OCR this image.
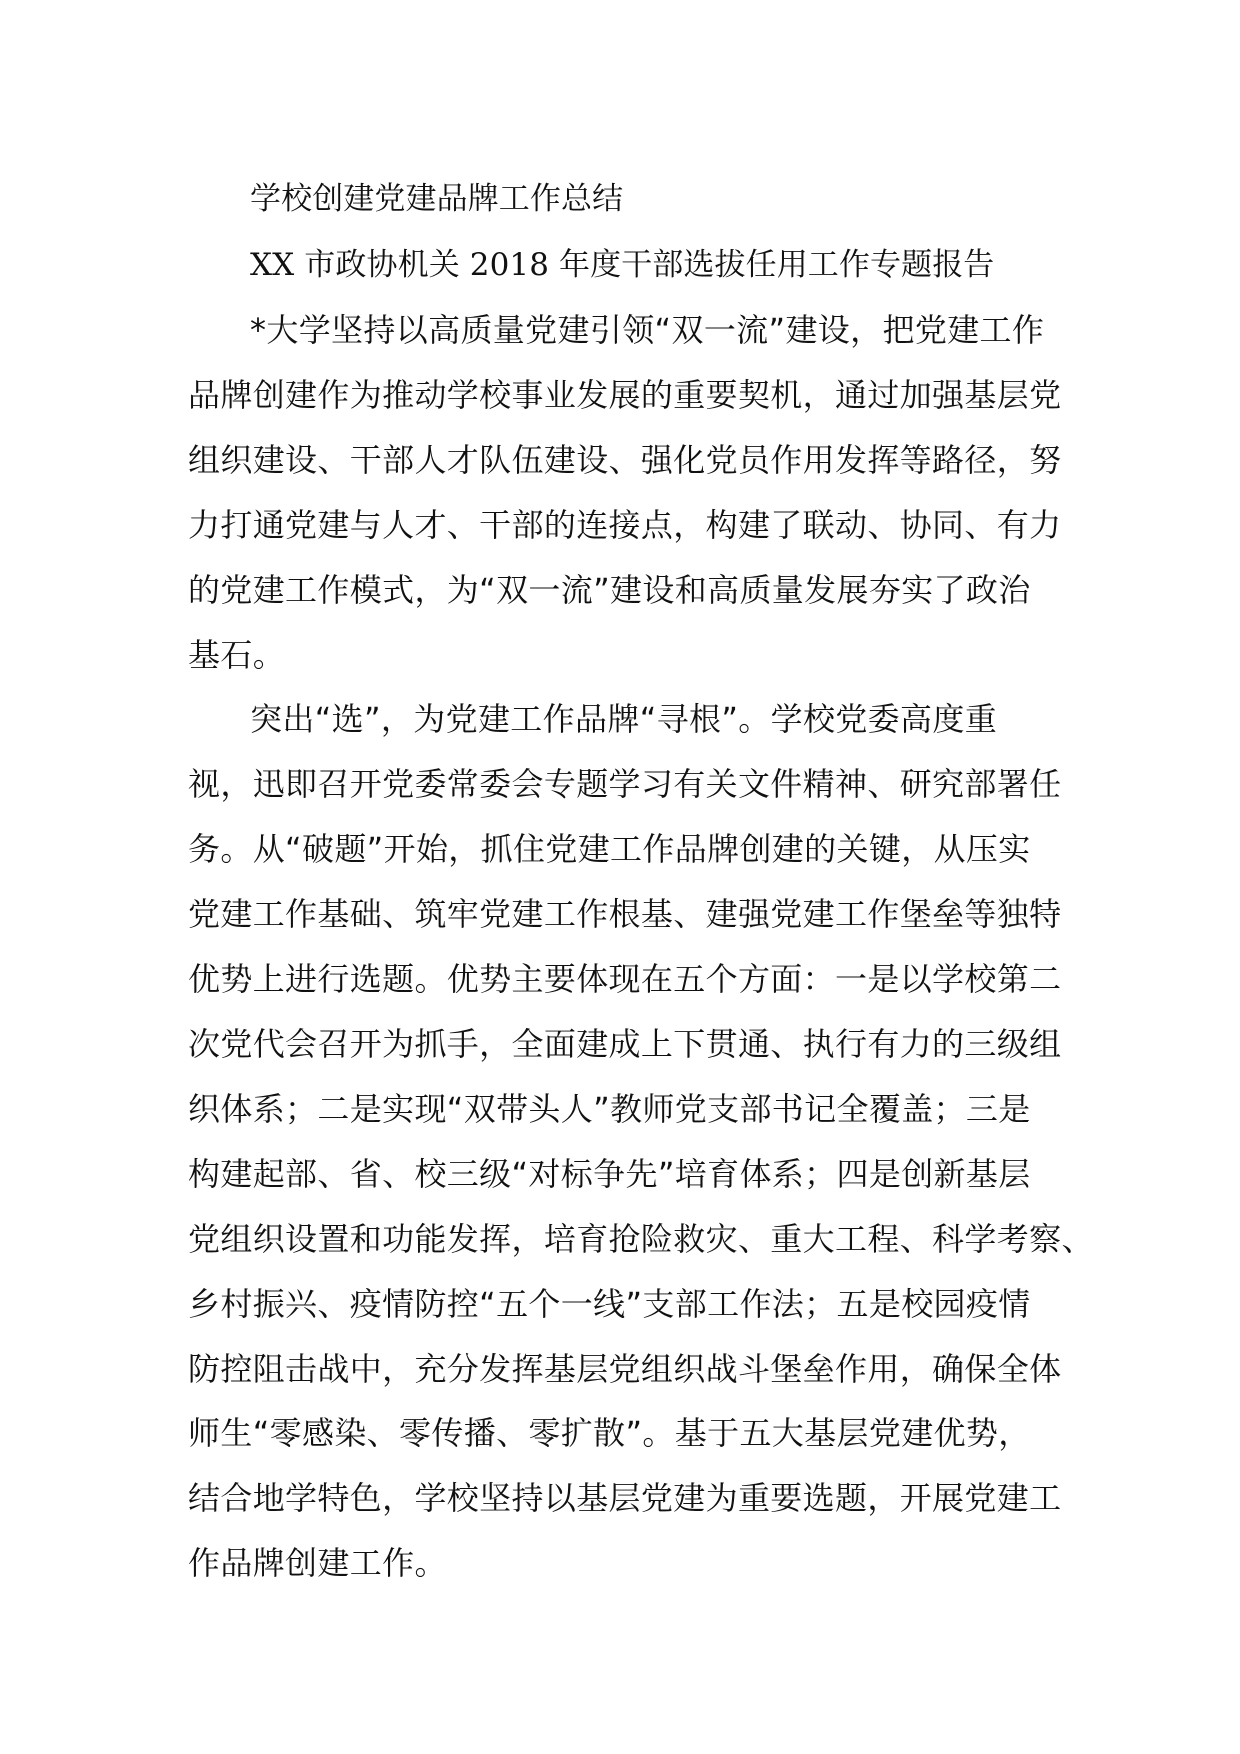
学校创建党建品牌工作总结

XX 市政协机关 2018 年度干部选拔任用工作专题报告

*大学坚持以高质量党建引领“双一流”建设，把党建工作

品牌创建作为推动学校事业发展的重要契机，通过加强基层党

组织建设、干部人才队伍建设、强化党员作用发挥等路径，努

力打通党建与人才、干部的连接点，构建了联动、协同、有力

的党建工作模式，为“双一流”建设和高质量发展夯实了政治

基石。

突出“选”，为党建工作品牌“寻根”。学校党委高度重

视，迅即召开党委常委会专题学习有关文件精神、研究部署任

务。从“破题”开始，抓住党建工作品牌创建的关键，从压实

党建工作基础、筑牢党建工作根基、建强党建工作堡垒等独特

优势上进行选题。优势主要体现在五个方面：一是以学校第二

次党代会召开为抓手，全面建成上下贯通、执行有力的三级组

织体系；二是实现“双带头人”教师党支部书记全覆盖；三是

构建起部、省、校三级“对标争先”培育体系；四是创新基层

党组织设置和功能发挥，培育抢险救灾、重大工程、科学考察、

乡村振兴、疫情防控“五个一线”支部工作法；五是校园疫情

防控阻击战中，充分发挥基层党组织战斗堡垒作用，确保全体

师生“零感染、零传播、零扩散”。基于五大基层党建优势，

结合地学特色，学校坚持以基层党建为重要选题，开展党建工

作品牌创建工作。
